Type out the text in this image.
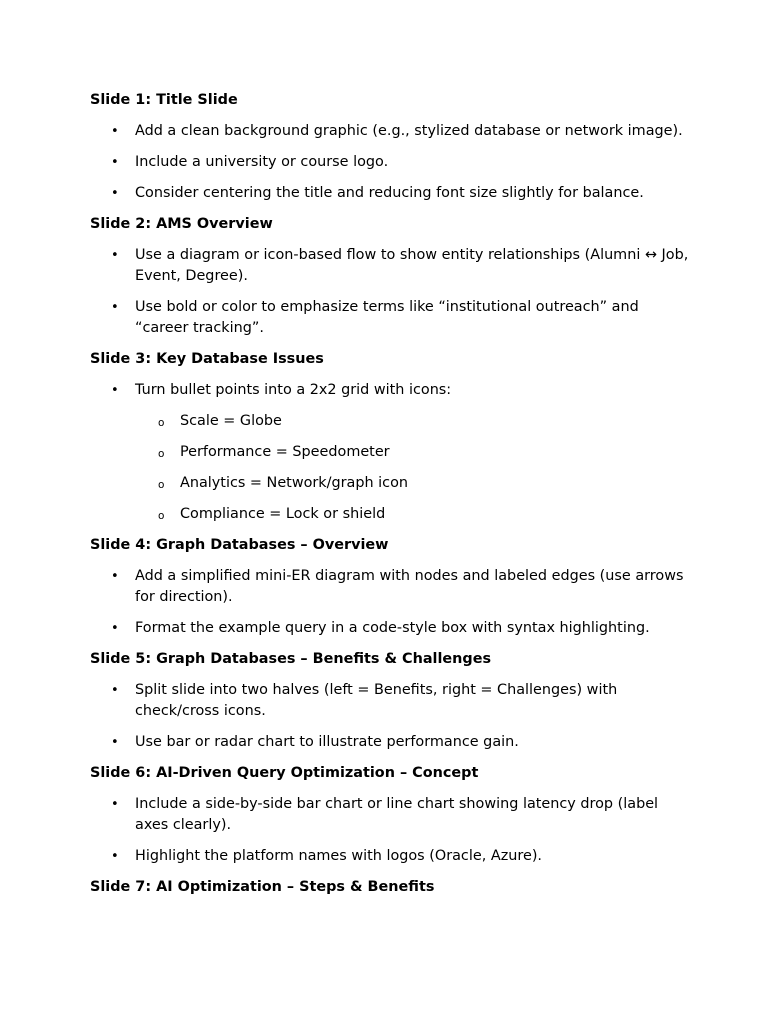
Slide 1: Title Slide
• Add a clean background graphic (e.g., stylized database or network image).
• Include a university or course logo.
• Consider centering the title and reducing font size slightly for balance.
Slide 2: AMS Overview
• Use a diagram or icon-based flow to show entity relationships (Alumni ↔ Job, Event, Degree).
• Use bold or color to emphasize terms like “institutional outreach” and “career tracking”.
Slide 3: Key Database Issues
• Turn bullet points into a 2x2 grid with icons:
o Scale = Globe
o Performance = Speedometer
o Analytics = Network/graph icon
o Compliance = Lock or shield
Slide 4: Graph Databases – Overview
• Add a simplified mini-ER diagram with nodes and labeled edges (use arrows for direction).
• Format the example query in a code-style box with syntax highlighting.
Slide 5: Graph Databases – Benefits & Challenges
• Split slide into two halves (left = Benefits, right = Challenges) with check/cross icons.
• Use bar or radar chart to illustrate performance gain.
Slide 6: AI-Driven Query Optimization – Concept
• Include a side-by-side bar chart or line chart showing latency drop (label axes clearly).
• Highlight the platform names with logos (Oracle, Azure).
Slide 7: AI Optimization – Steps & Benefits
